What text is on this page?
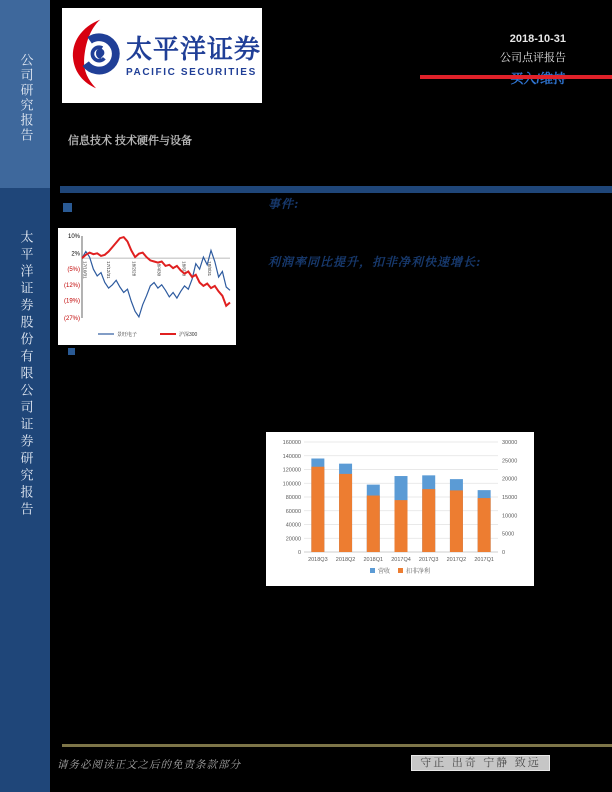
公司研究报告
太平洋证券股份有限公司证券研究报告
太平洋证券
PACIFIC SECURITIES
2018-10-31
公司点评报告
信息技术 技术硬件与设备
事件:
10%
2%
(5%)
(12%)
(19%)
(27%)
17/10/31	17/12/31	18/2/28	18/4/30	18/6/30	18/8/31
景旺电子	沪深300
利润率同比提升，扣非净利快速增长:
0
20000
40000
60000
80000
100000
120000
140000
160000
0
5000
10000
15000
20000
25000
30000
2018Q3 2018Q2 2018Q1 2017Q4 2017Q3 2017Q2 2017Q1
营收	扣非净利
请务必阅读正文之后的免责条款部分	守正 出奇 宁静 致远
